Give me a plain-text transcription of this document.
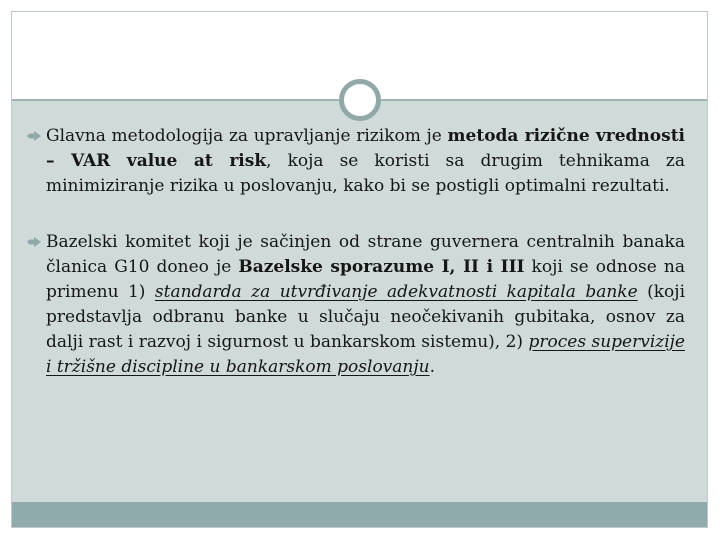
Glavna metodologija za upravljanje rizikom je metoda rizične vrednosti – VAR value at risk, koja se koristi sa drugim tehnikama za minimiziranje rizika u poslovanju, kako bi se postigli optimalni rezultati.
Bazelski komitet koji je sačinjen od strane guvernera centralnih banaka članica G10 doneo je Bazelske sporazume I, II i III koji se odnose na primenu 1) standarda za utvrđivanje adekvatnosti kapitala banke (koji predstavlja odbranu banke u slučaju neočekivanih gubitaka, osnov za dalji rast i razvoj i sigurnost u bankarskom sistemu), 2) proces supervizije i tržišne discipline u bankarskom poslovanju.
